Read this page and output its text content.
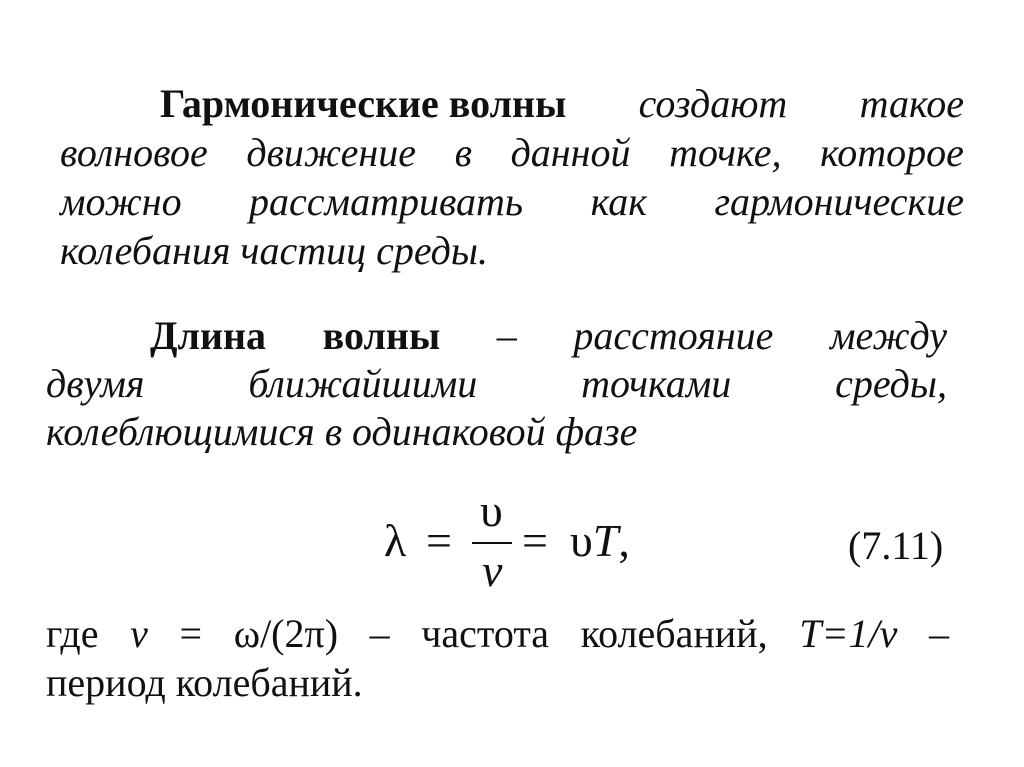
Гармонические волны создают такое
волновое движение в данной точке, которое
можно рассматривать как гармонические
колебания частиц среды.
Длина волны – расстояние между
двумя	ближайшими	точками	среды,
колеблющимися в одинаковой фазе
λ =
υ
ν
= υT,	(7.11)
где ν = ω/(2π) – частота колебаний, T=1/ν –
период колебаний.
